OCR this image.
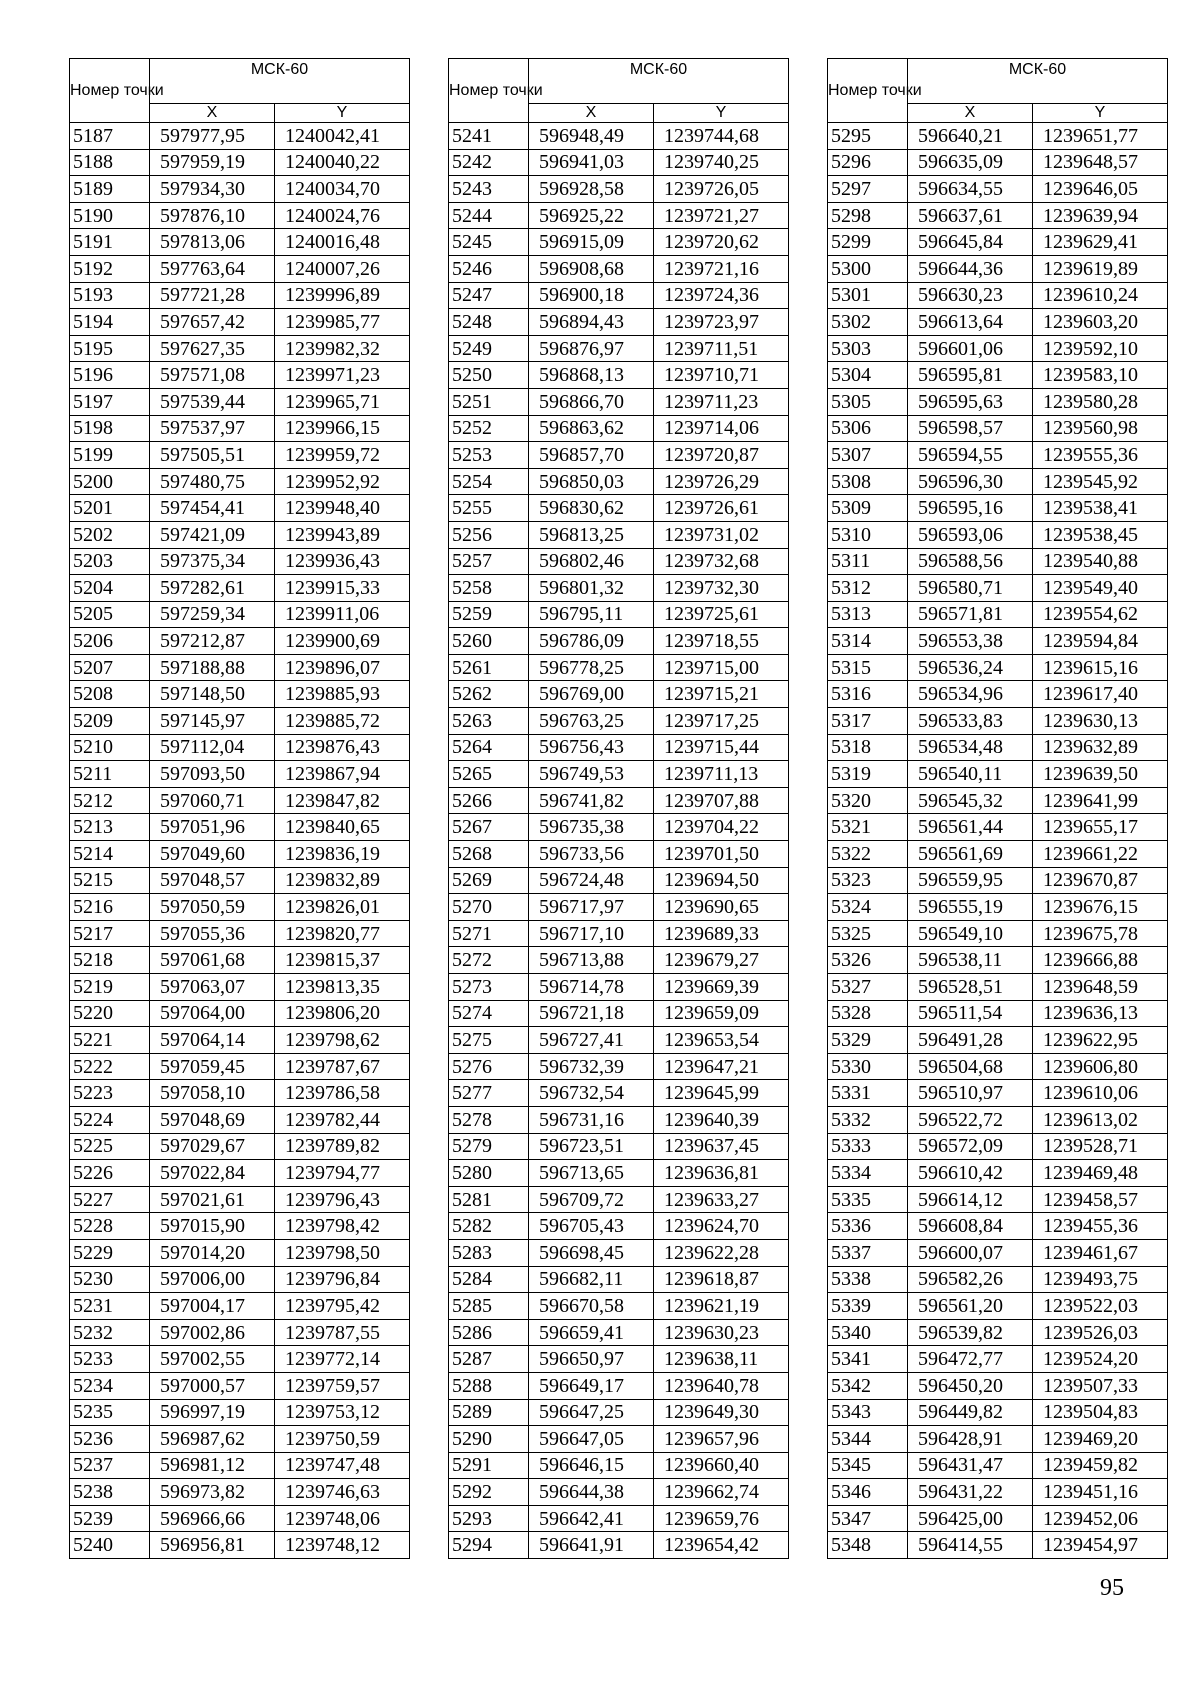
Номер точки	МСК-60	
	X	Y
5187	597977,95	1240042,41
5188	597959,19	1240040,22
5189	597934,30	1240034,70
5190	597876,10	1240024,76
5191	597813,06	1240016,48
5192	597763,64	1240007,26
5193	597721,28	1239996,89
5194	597657,42	1239985,77
5195	597627,35	1239982,32
5196	597571,08	1239971,23
5197	597539,44	1239965,71
5198	597537,97	1239966,15
5199	597505,51	1239959,72
5200	597480,75	1239952,92
5201	597454,41	1239948,40
5202	597421,09	1239943,89
5203	597375,34	1239936,43
5204	597282,61	1239915,33
5205	597259,34	1239911,06
5206	597212,87	1239900,69
5207	597188,88	1239896,07
5208	597148,50	1239885,93
5209	597145,97	1239885,72
5210	597112,04	1239876,43
5211	597093,50	1239867,94
5212	597060,71	1239847,82
5213	597051,96	1239840,65
5214	597049,60	1239836,19
5215	597048,57	1239832,89
5216	597050,59	1239826,01
5217	597055,36	1239820,77
5218	597061,68	1239815,37
5219	597063,07	1239813,35
5220	597064,00	1239806,20
5221	597064,14	1239798,62
5222	597059,45	1239787,67
5223	597058,10	1239786,58
5224	597048,69	1239782,44
5225	597029,67	1239789,82
5226	597022,84	1239794,77
5227	597021,61	1239796,43
5228	597015,90	1239798,42
5229	597014,20	1239798,50
5230	597006,00	1239796,84
5231	597004,17	1239795,42
5232	597002,86	1239787,55
5233	597002,55	1239772,14
5234	597000,57	1239759,57
5235	596997,19	1239753,12
5236	596987,62	1239750,59
5237	596981,12	1239747,48
5238	596973,82	1239746,63
5239	596966,66	1239748,06
5240	596956,81	1239748,12
Номер точки	МСК-60	
	X	Y
5241	596948,49	1239744,68
5242	596941,03	1239740,25
5243	596928,58	1239726,05
5244	596925,22	1239721,27
5245	596915,09	1239720,62
5246	596908,68	1239721,16
5247	596900,18	1239724,36
5248	596894,43	1239723,97
5249	596876,97	1239711,51
5250	596868,13	1239710,71
5251	596866,70	1239711,23
5252	596863,62	1239714,06
5253	596857,70	1239720,87
5254	596850,03	1239726,29
5255	596830,62	1239726,61
5256	596813,25	1239731,02
5257	596802,46	1239732,68
5258	596801,32	1239732,30
5259	596795,11	1239725,61
5260	596786,09	1239718,55
5261	596778,25	1239715,00
5262	596769,00	1239715,21
5263	596763,25	1239717,25
5264	596756,43	1239715,44
5265	596749,53	1239711,13
5266	596741,82	1239707,88
5267	596735,38	1239704,22
5268	596733,56	1239701,50
5269	596724,48	1239694,50
5270	596717,97	1239690,65
5271	596717,10	1239689,33
5272	596713,88	1239679,27
5273	596714,78	1239669,39
5274	596721,18	1239659,09
5275	596727,41	1239653,54
5276	596732,39	1239647,21
5277	596732,54	1239645,99
5278	596731,16	1239640,39
5279	596723,51	1239637,45
5280	596713,65	1239636,81
5281	596709,72	1239633,27
5282	596705,43	1239624,70
5283	596698,45	1239622,28
5284	596682,11	1239618,87
5285	596670,58	1239621,19
5286	596659,41	1239630,23
5287	596650,97	1239638,11
5288	596649,17	1239640,78
5289	596647,25	1239649,30
5290	596647,05	1239657,96
5291	596646,15	1239660,40
5292	596644,38	1239662,74
5293	596642,41	1239659,76
5294	596641,91	1239654,42
Номер точки	МСК-60	
	X	Y
5295	596640,21	1239651,77
5296	596635,09	1239648,57
5297	596634,55	1239646,05
5298	596637,61	1239639,94
5299	596645,84	1239629,41
5300	596644,36	1239619,89
5301	596630,23	1239610,24
5302	596613,64	1239603,20
5303	596601,06	1239592,10
5304	596595,81	1239583,10
5305	596595,63	1239580,28
5306	596598,57	1239560,98
5307	596594,55	1239555,36
5308	596596,30	1239545,92
5309	596595,16	1239538,41
5310	596593,06	1239538,45
5311	596588,56	1239540,88
5312	596580,71	1239549,40
5313	596571,81	1239554,62
5314	596553,38	1239594,84
5315	596536,24	1239615,16
5316	596534,96	1239617,40
5317	596533,83	1239630,13
5318	596534,48	1239632,89
5319	596540,11	1239639,50
5320	596545,32	1239641,99
5321	596561,44	1239655,17
5322	596561,69	1239661,22
5323	596559,95	1239670,87
5324	596555,19	1239676,15
5325	596549,10	1239675,78
5326	596538,11	1239666,88
5327	596528,51	1239648,59
5328	596511,54	1239636,13
5329	596491,28	1239622,95
5330	596504,68	1239606,80
5331	596510,97	1239610,06
5332	596522,72	1239613,02
5333	596572,09	1239528,71
5334	596610,42	1239469,48
5335	596614,12	1239458,57
5336	596608,84	1239455,36
5337	596600,07	1239461,67
5338	596582,26	1239493,75
5339	596561,20	1239522,03
5340	596539,82	1239526,03
5341	596472,77	1239524,20
5342	596450,20	1239507,33
5343	596449,82	1239504,83
5344	596428,91	1239469,20
5345	596431,47	1239459,82
5346	596431,22	1239451,16
5347	596425,00	1239452,06
5348	596414,55	1239454,97
95
